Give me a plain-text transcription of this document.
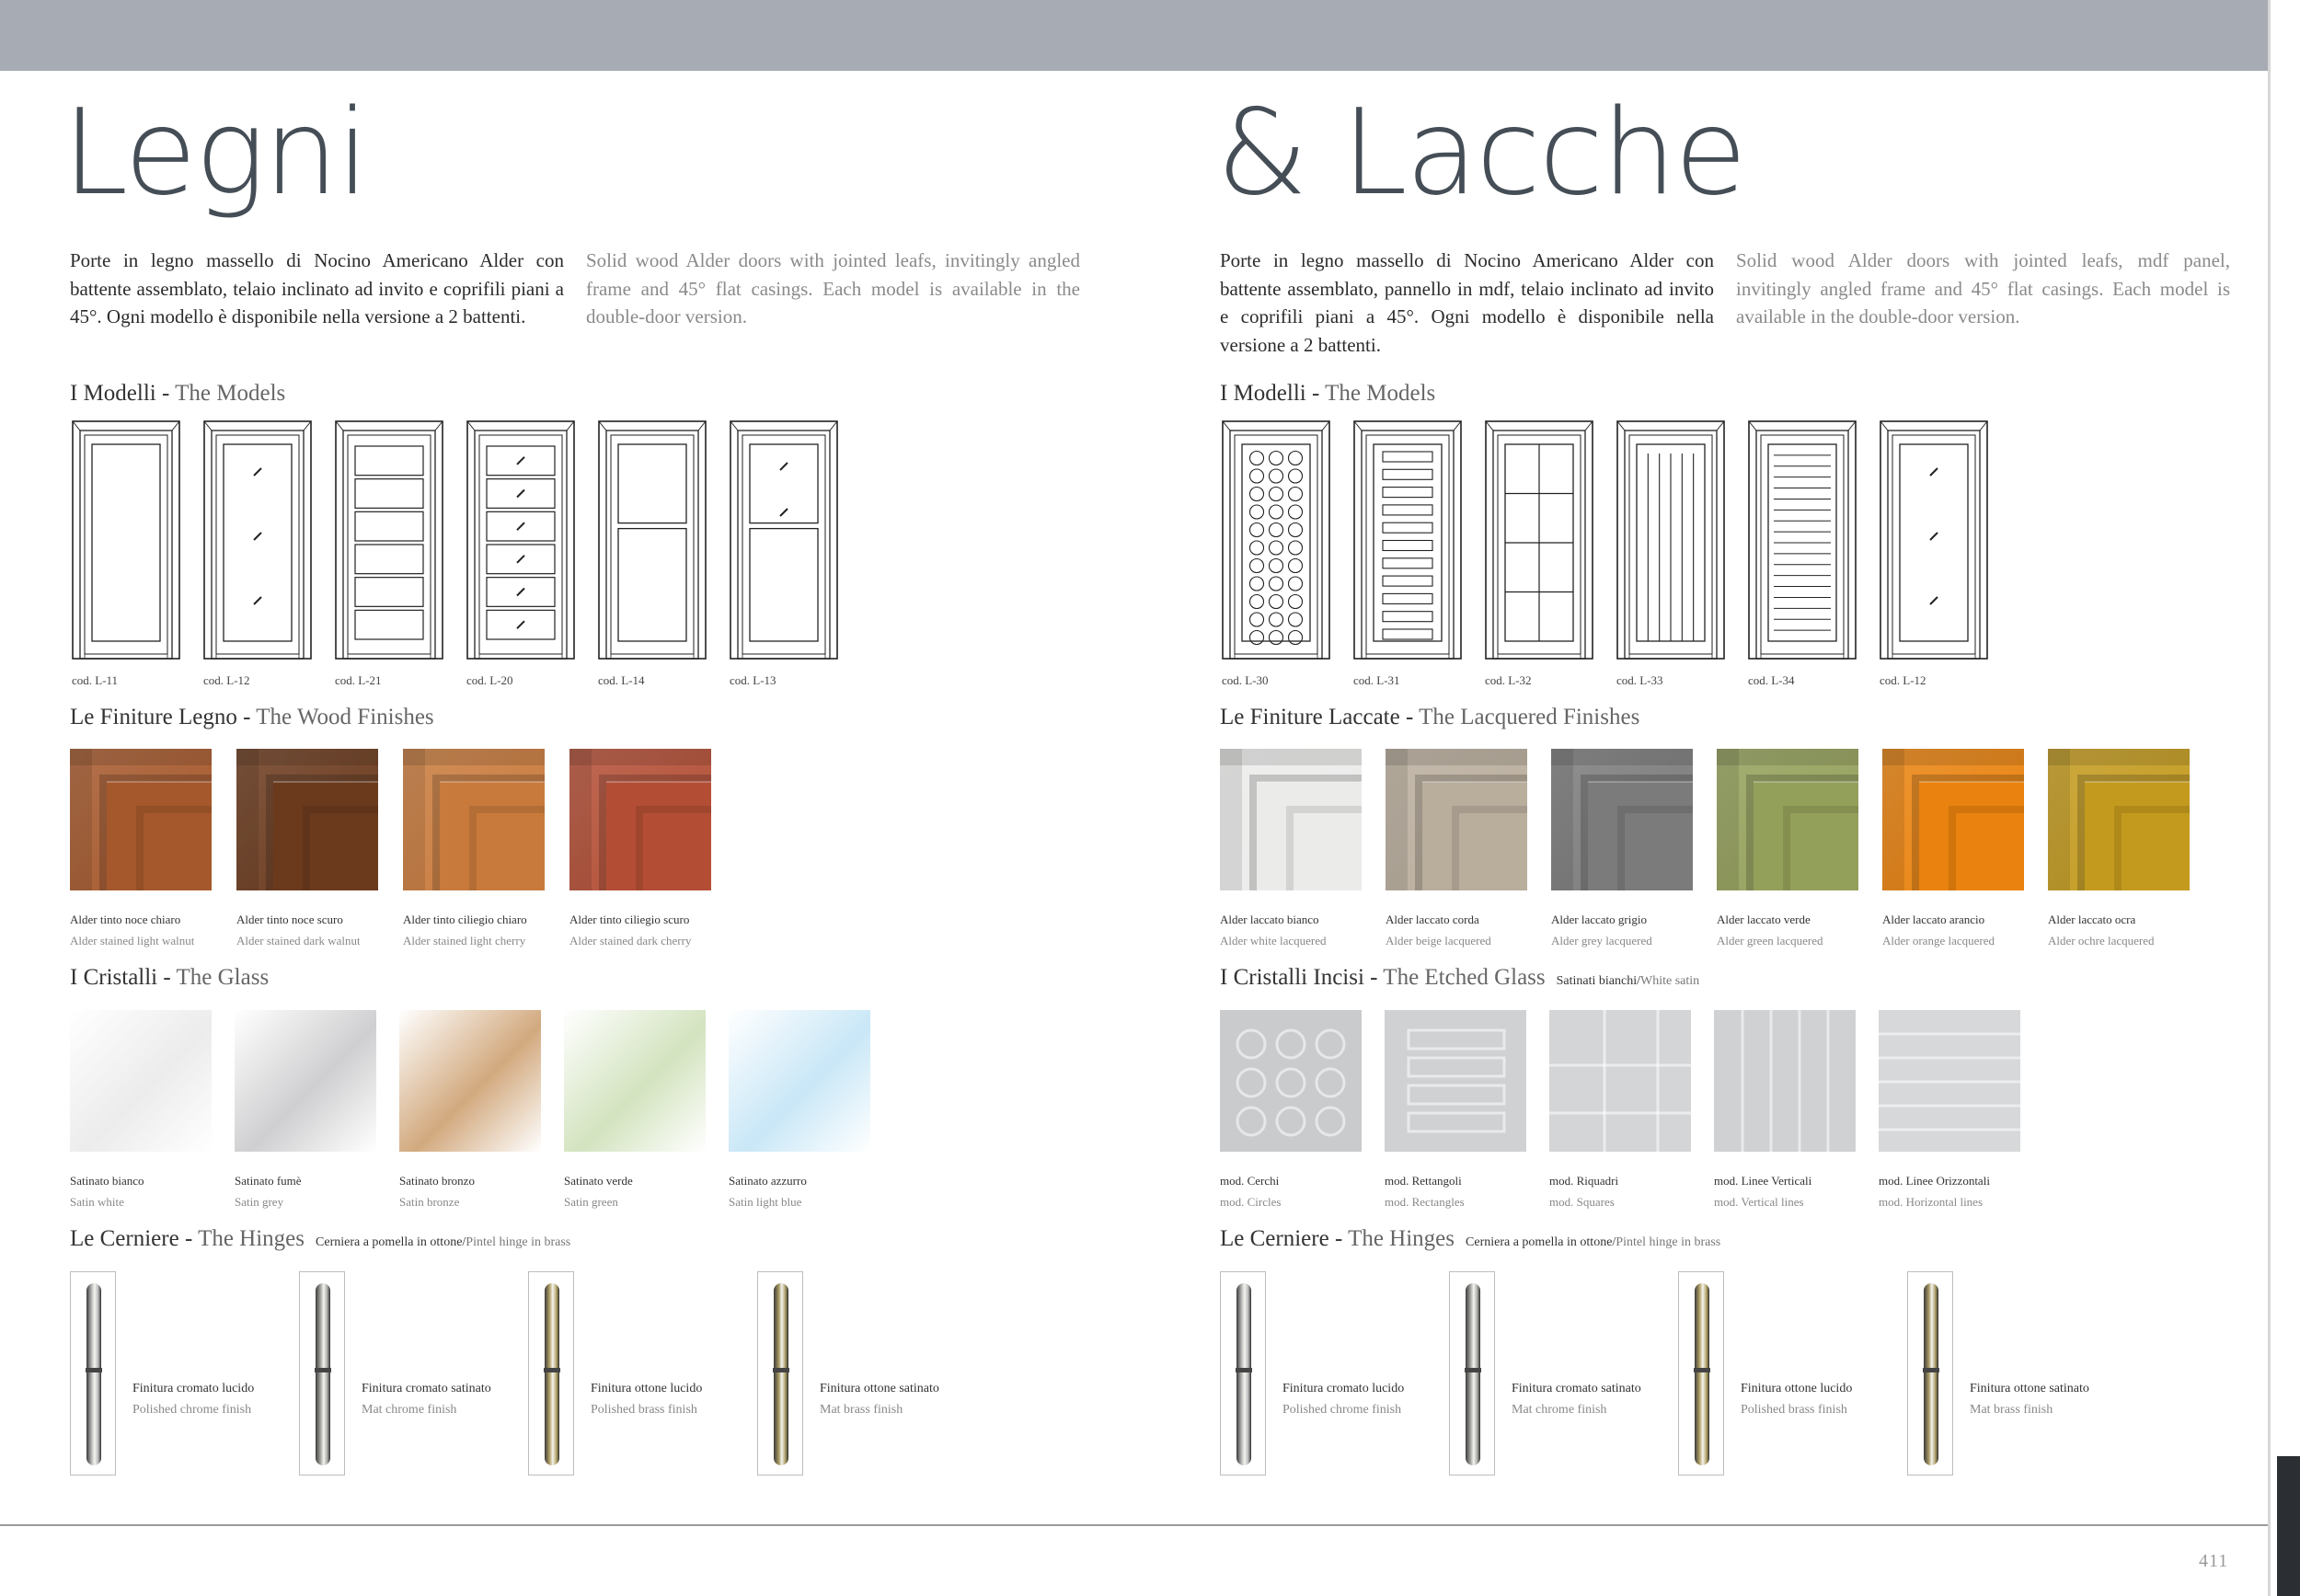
Legni

Porte in legno massello di Nocino Americano Alder con battente assemblato, telaio inclinato ad invito e coprifili piani a 45°. Ogni modello è disponibile nella versione a 2 battenti.

Solid wood Alder doors with jointed leafs, invitingly angled frame and 45° flat casings. Each model is available in the double-door version.

I Modelli - The Models
cod. L-11	cod. L-12	cod. L-21	cod. L-20	cod. L-14	cod. L-13
Le Finiture Legno - The Wood Finishes
Alder tinto noce chiaro
Alder stained light walnut
Alder tinto noce scuro
Alder stained dark walnut
Alder tinto ciliegio chiaro
Alder stained light cherry
Alder tinto ciliegio scuro
Alder stained dark cherry
I Cristalli - The Glass
Satinato bianco
Satin white
Satinato fumè
Satin grey
Satinato bronzo
Satin bronze
Satinato verde
Satin green
Satinato azzurro
Satin light blue
Le Cerniere - The Hinges Cerniera a pomella in ottone/Pintel hinge in brass
Finitura cromato lucido
Polished chrome finish
Finitura cromato satinato
Mat chrome finish
Finitura ottone lucido
Polished brass finish
Finitura ottone satinato
Mat brass finish
& Lacche

Porte in legno massello di Nocino Americano Alder con battente assemblato, pannello in mdf, telaio inclinato ad invito e coprifili piani a 45°. Ogni modello è disponibile nella versione a 2 battenti.

Solid wood Alder doors with jointed leafs, mdf panel, invitingly angled frame and 45° flat casings. Each model is available in the double-door version.

I Modelli - The Models
cod. L-30	cod. L-31	cod. L-32	cod. L-33	cod. L-34	cod. L-12
Le Finiture Laccate - The Lacquered Finishes
Alder laccato bianco
Alder white lacquered
Alder laccato corda
Alder beige lacquered
Alder laccato grigio
Alder grey lacquered
Alder laccato verde
Alder green lacquered
Alder laccato arancio
Alder orange lacquered
Alder laccato ocra
Alder ochre lacquered
I Cristalli Incisi - The Etched Glass Satinati bianchi/White satin
mod. Cerchi
mod. Circles
mod. Rettangoli
mod. Rectangles
mod. Riquadri
mod. Squares
mod. Linee Verticali
mod. Vertical lines
mod. Linee Orizzontali
mod. Horizontal lines
Le Cerniere - The Hinges Cerniera a pomella in ottone/Pintel hinge in brass
Finitura cromato lucido
Polished chrome finish
Finitura cromato satinato
Mat chrome finish
Finitura ottone lucido
Polished brass finish
Finitura ottone satinato
Mat brass finish
411
